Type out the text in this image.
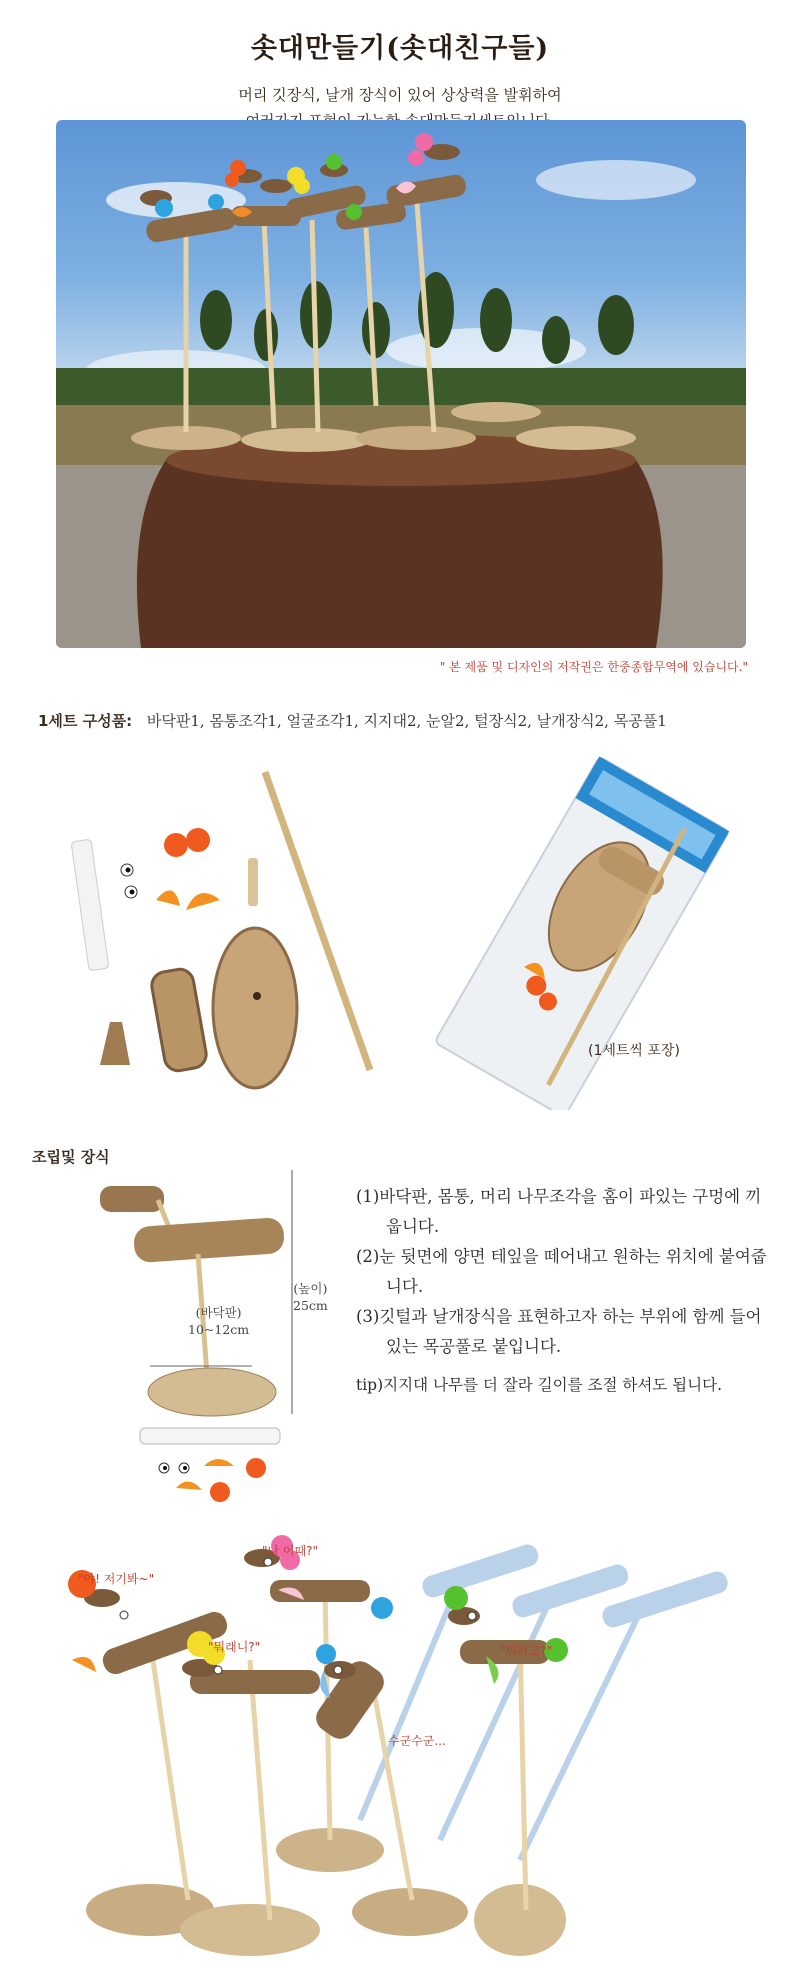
솟대만들기(솟대친구들)
머리 깃장식, 날개 장식이 있어 상상력을 발휘하여
" 본 제품 및 디자인의 저작권은 한중종합무역에 있습니다."
1세트 구성품: 바닥판1, 몸통조각1, 얼굴조각1, 지지대2, 눈알2, 털장식2, 날개장식2, 목공풀1
(1세트씩 포장)
조립및 장식
(바닥판)
10~12cm
(높이)
25cm

(1)바닥판, 몸통, 머리 나무조각을 홈이 파있는 구멍에 끼웁니다.

(2)눈 뒷면에 양면 테잎을 떼어내고 원하는 위치에 붙여줍니다.

(3)깃털과 날개장식을 표현하고자 하는 부위에 함께 들어있는 목공풀로 붙입니다.

tip)지지대 나무를 더 잘라 길이를 조절 하셔도 됩니다.

"야! 저기봐~"
"나 어때?"
"뭐래니?"	"뭐라고?"
수군수군...
